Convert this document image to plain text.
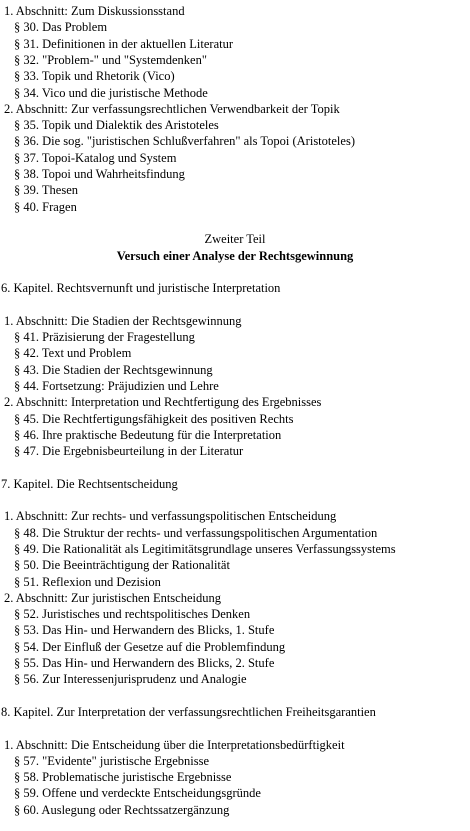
1. Abschnitt: Zum Diskussionsstand
§ 30. Das Problem
§ 31. Definitionen in der aktuellen Literatur
§ 32. "Problem-" und "Systemdenken"
§ 33. Topik und Rhetorik (Vico)
§ 34. Vico und die juristische Methode
2. Abschnitt: Zur verfassungsrechtlichen Verwendbarkeit der Topik
§ 35. Topik und Dialektik des Aristoteles
§ 36. Die sog. "juristischen Schlußverfahren" als Topoi (Aristoteles)
§ 37. Topoi-Katalog und System
§ 38. Topoi und Wahrheitsfindung
§ 39. Thesen
§ 40. Fragen
Zweiter Teil
Versuch einer Analyse der Rechtsgewinnung
6. Kapitel. Rechtsvernunft und juristische Interpretation
1. Abschnitt: Die Stadien der Rechtsgewinnung
§ 41. Präzisierung der Fragestellung
§ 42. Text und Problem
§ 43. Die Stadien der Rechtsgewinnung
§ 44. Fortsetzung: Präjudizien und Lehre
2. Abschnitt: Interpretation und Rechtfertigung des Ergebnisses
§ 45. Die Rechtfertigungsfähigkeit des positiven Rechts
§ 46. Ihre praktische Bedeutung für die Interpretation
§ 47. Die Ergebnisbeurteilung in der Literatur
7. Kapitel. Die Rechtsentscheidung
1. Abschnitt: Zur rechts- und verfassungspolitischen Entscheidung
§ 48. Die Struktur der rechts- und verfassungspolitischen Argumentation
§ 49. Die Rationalität als Legitimitätsgrundlage unseres Verfassungssystems
§ 50. Die Beeinträchtigung der Rationalität
§ 51. Reflexion und Dezision
2. Abschnitt: Zur juristischen Entscheidung
§ 52. Juristisches und rechtspolitisches Denken
§ 53. Das Hin- und Herwandern des Blicks, 1. Stufe
§ 54. Der Einfluß der Gesetze auf die Problemfindung
§ 55. Das Hin- und Herwandern des Blicks, 2. Stufe
§ 56. Zur Interessenjurisprudenz und Analogie
8. Kapitel. Zur Interpretation der verfassungsrechtlichen Freiheitsgarantien
1. Abschnitt: Die Entscheidung über die Interpretationsbedürftigkeit
§ 57. "Evidente" juristische Ergebnisse
§ 58. Problematische juristische Ergebnisse
§ 59. Offene und verdeckte Entscheidungsgründe
§ 60. Auslegung oder Rechtssatzergänzung
